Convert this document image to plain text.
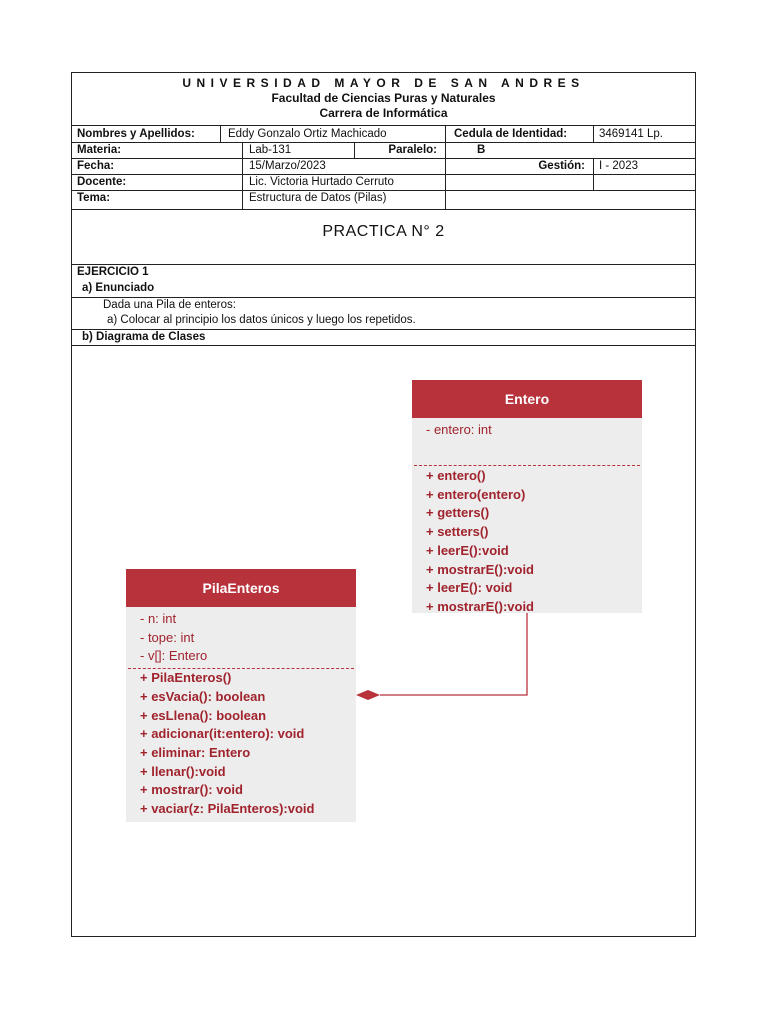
UNIVERSIDAD MAYOR DE SAN ANDRES
Facultad de Ciencias Puras y Naturales
Carrera de Informática
Nombres y Apellidos:	Eddy Gonzalo Ortiz Machicado	Cedula de Identidad:	3469141 Lp.
Materia:	Lab-131	Paralelo:	B
Fecha:	15/Marzo/2023	Gestión:	I - 2023
Docente:	Lic. Victoria Hurtado Cerruto
Tema:	Estructura de Datos (Pilas)
PRACTICA N° 2
EJERCICIO 1
a) Enunciado
Dada una Pila de enteros:
a) Colocar al principio los datos únicos y luego los repetidos.
b) Diagrama de Clases
Entero
- entero: int
+ entero()
+ entero(entero)
+ getters()
+ setters()
+ leerE():void
+ mostrarE():void
+ leerE(): void
+ mostrarE():void
PilaEnteros
- n: int
- tope: int
- v[]: Entero
+ PilaEnteros()
+ esVacia(): boolean
+ esLlena(): boolean
+ adicionar(it:entero): void
+ eliminar: Entero
+ llenar():void
+ mostrar(): void
+ vaciar(z: PilaEnteros):void
